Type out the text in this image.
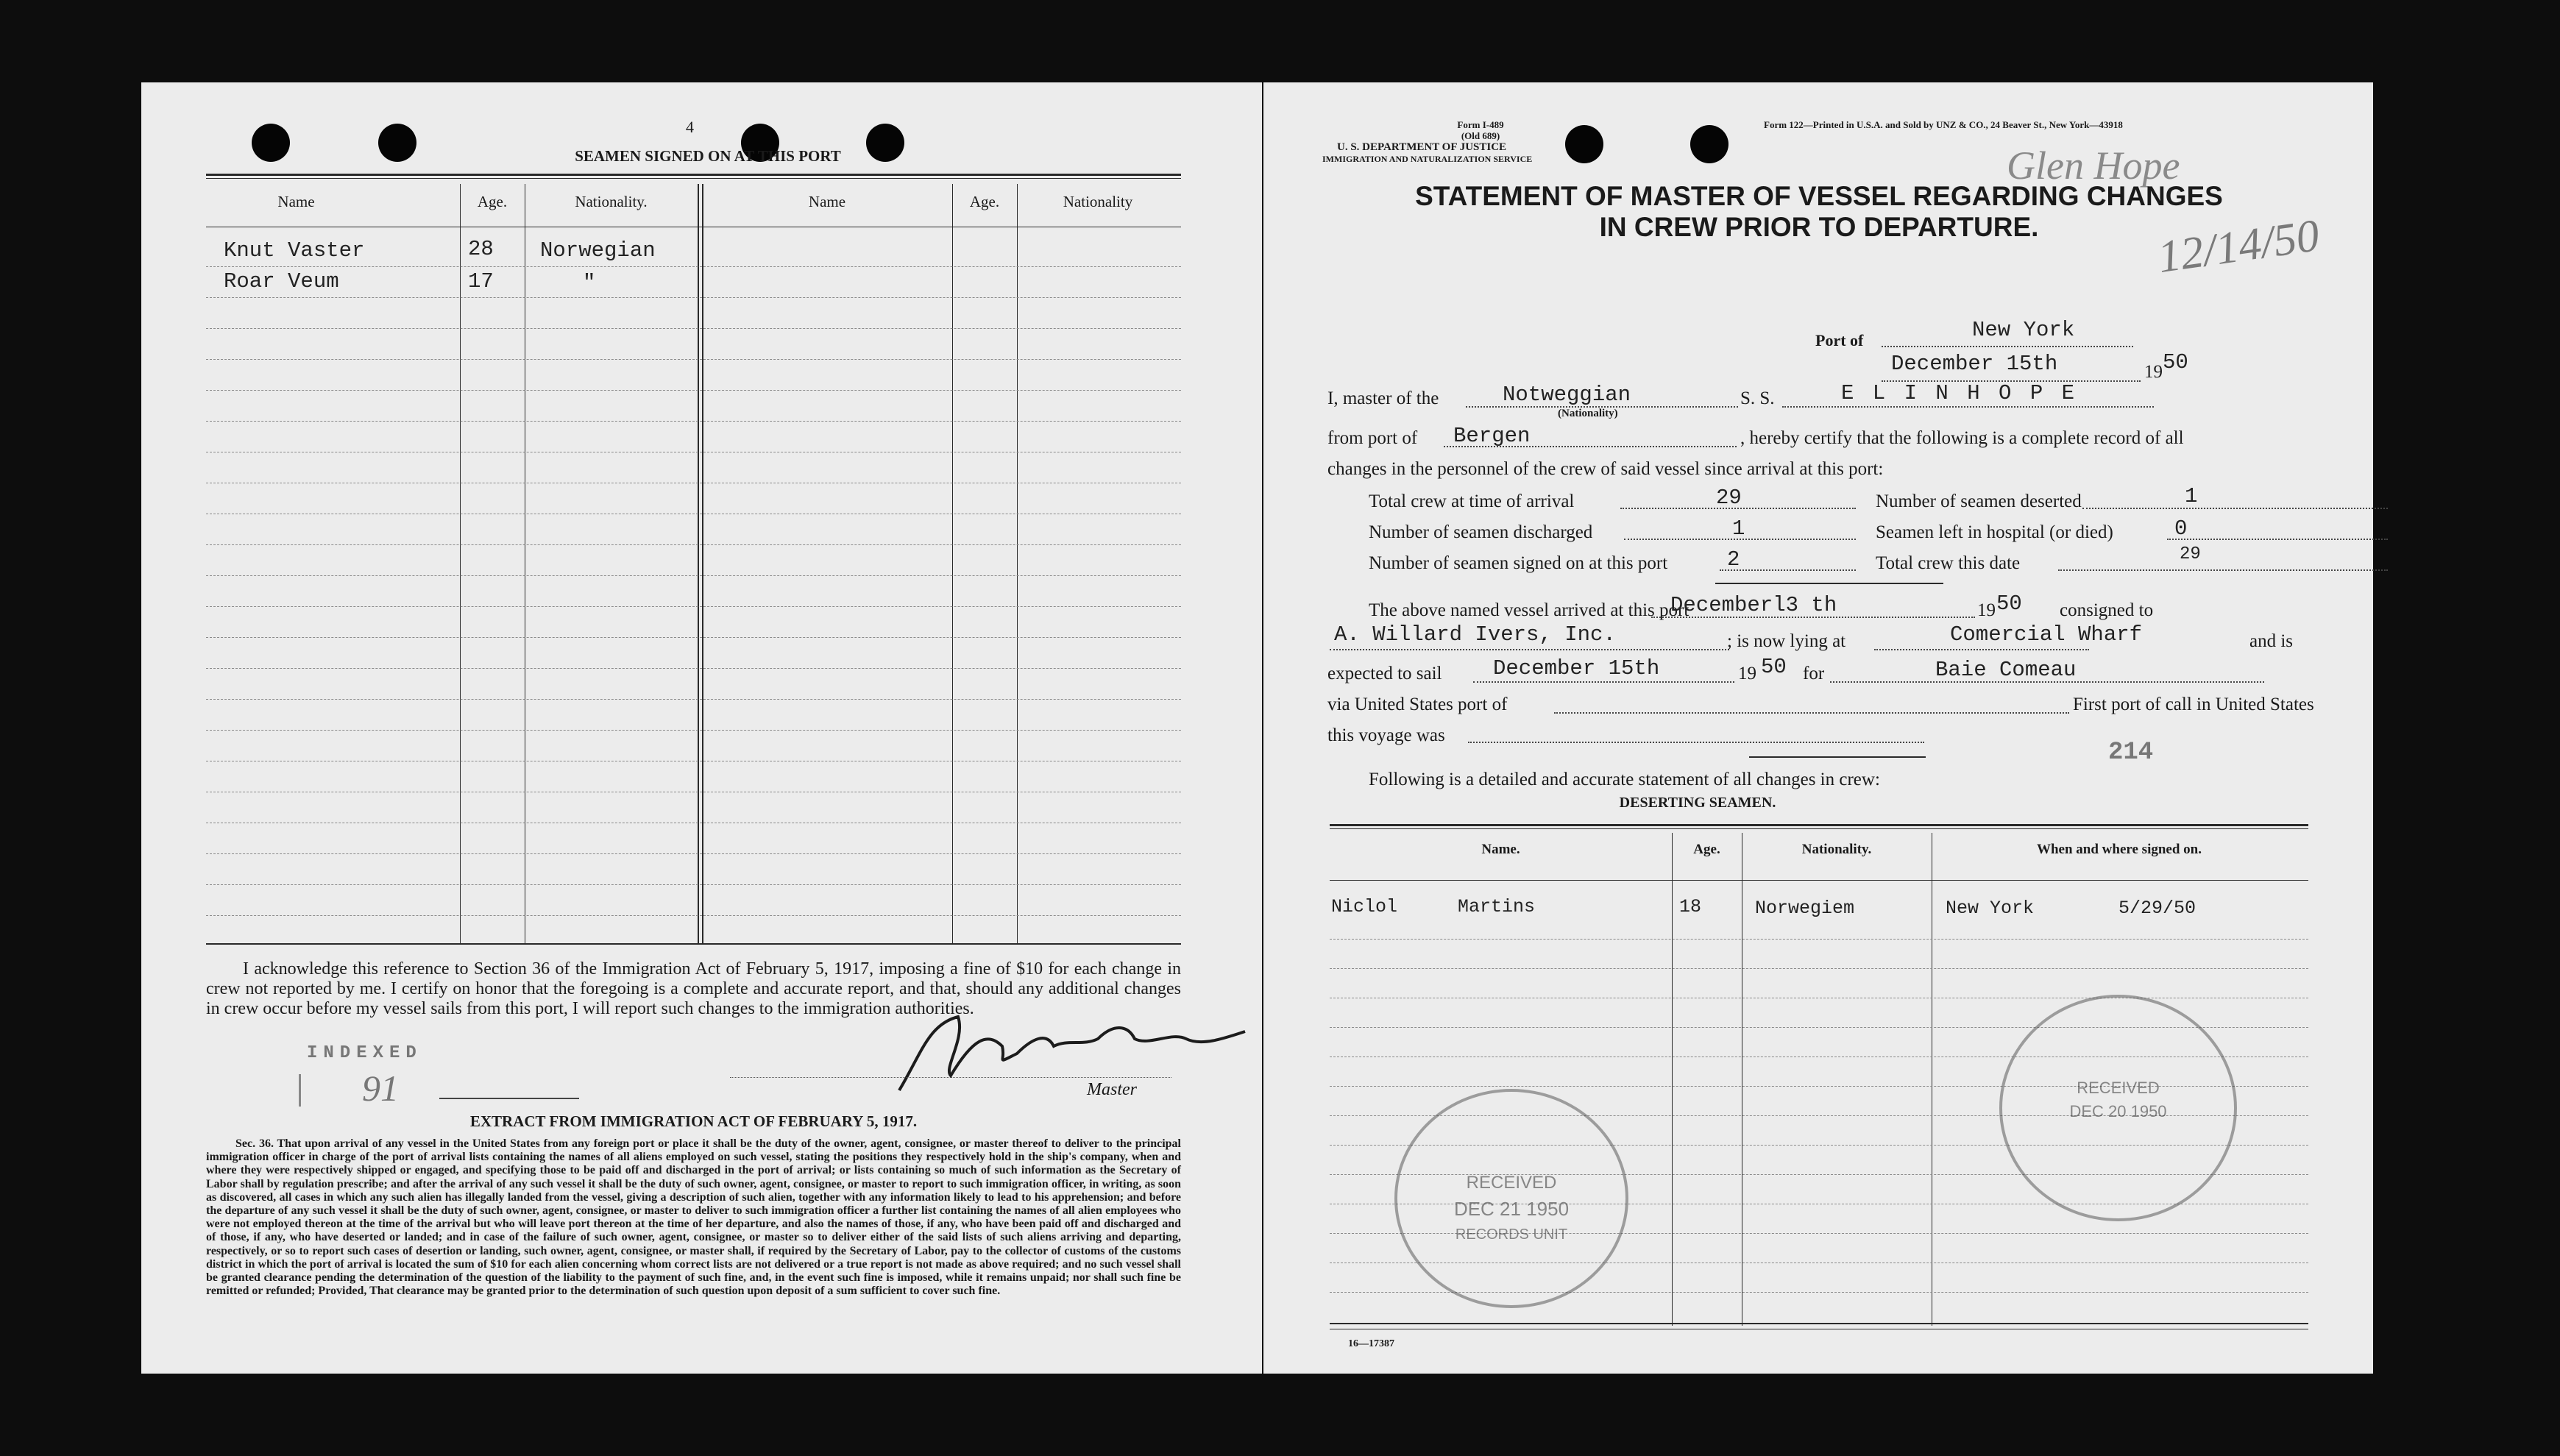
4
SEAMEN SIGNED ON AT THIS PORT
Name	Age.	Nationality.	Name	Age.	Nationality
Knut Vaster	28 Norwegian
Roar Veum	17	"
I acknowledge this reference to Section 36 of the Immigration Act of February 5, 1917, imposing a fine of $10 for each change in crew not reported by me. I certify on honor that the foregoing is a complete and accurate report, and that, should any additional changes in crew occur before my vessel sails from this port, I will report such changes to the immigration authorities.
INDEXED
91	Master
EXTRACT FROM IMMIGRATION ACT OF FEBRUARY 5, 1917.
Sec. 36. That upon arrival of any vessel in the United States from any foreign port or place it shall be the duty of the owner, agent, consignee, or master thereof to deliver to the principal immigration officer in charge of the port of arrival lists containing the names of all aliens employed on such vessel, stating the positions they respectively hold in the ship's company, when and where they were respectively shipped or engaged, and specifying those to be paid off and discharged in the port of arrival; or lists containing so much of such information as the Secretary of Labor shall by regulation prescribe; and after the arrival of any such vessel it shall be the duty of such owner, agent, consignee, or master to report to such immigration officer, in writing, as soon as discovered, all cases in which any such alien has illegally landed from the vessel, giving a description of such alien, together with any information likely to lead to his apprehension; and before the departure of any such vessel it shall be the duty of such owner, agent, consignee, or master to deliver to such immigration officer a further list containing the names of all alien employees who were not employed thereon at the time of the arrival but who will leave port thereon at the time of her departure, and also the names of those, if any, who have been paid off and discharged and of those, if any, who have deserted or landed; and in case of the failure of such owner, agent, consignee, or master so to deliver either of the said lists of such aliens arriving and departing, respectively, or so to report such cases of desertion or landing, such owner, agent, consignee, or master shall, if required by the Secretary of Labor, pay to the collector of customs of the customs district in which the port of arrival is located the sum of $10 for each alien concerning whom correct lists are not delivered or a true report is not made as above required; and no such vessel shall be granted clearance pending the determination of the question of the liability to the payment of such fine, and, in the event such fine is imposed, while it remains unpaid; nor shall such fine be remitted or refunded; Provided, That clearance may be granted prior to the determination of such question upon deposit of a sum sufficient to cover such fine.
Form I-489
(Old 689)
U. S. DEPARTMENT OF JUSTICE
IMMIGRATION AND NATURALIZATION SERVICE
Form 122—Printed in U.S.A. and Sold by UNZ & CO., 24 Beaver St., New York—43918
Glen Hope
12/14/50
STATEMENT OF MASTER OF VESSEL REGARDING CHANGES
IN CREW PRIOR TO DEPARTURE.
Port of	New York
December 15th	19 50
I, master of the	Notweggian
(Nationality)
S. S.	E L I N H O P E
from port of Bergen	, hereby certify that the following is a complete record of all
changes in the personnel of the crew of said vessel since arrival at this port:
Total crew at time of arrival	29	Number of seamen deserted	1
Number of seamen discharged	1	Seamen left in hospital (or died)	0
Number of seamen signed on at this port	2	Total crew this date	29
The above named vessel arrived at this port
Decemberl3 th	19 50 consigned to
A. Willard Ivers, Inc.	; is now lying at	Comercial Wharf	and is
expected to sail December 15th	19 50 for	Baie Comeau
via United States port of	First port of call in United States
this voyage was
214
Following is a detailed and accurate statement of all changes in crew:
DESERTING SEAMEN.
Name.	Age.	Nationality.	When and where signed on.
Niclol	Martins	18	Norwegiem	New York	5/29/50
RECEIVED
DEC 21 1950
RECORDS UNIT
RECEIVED
DEC 20 1950
16—17387
